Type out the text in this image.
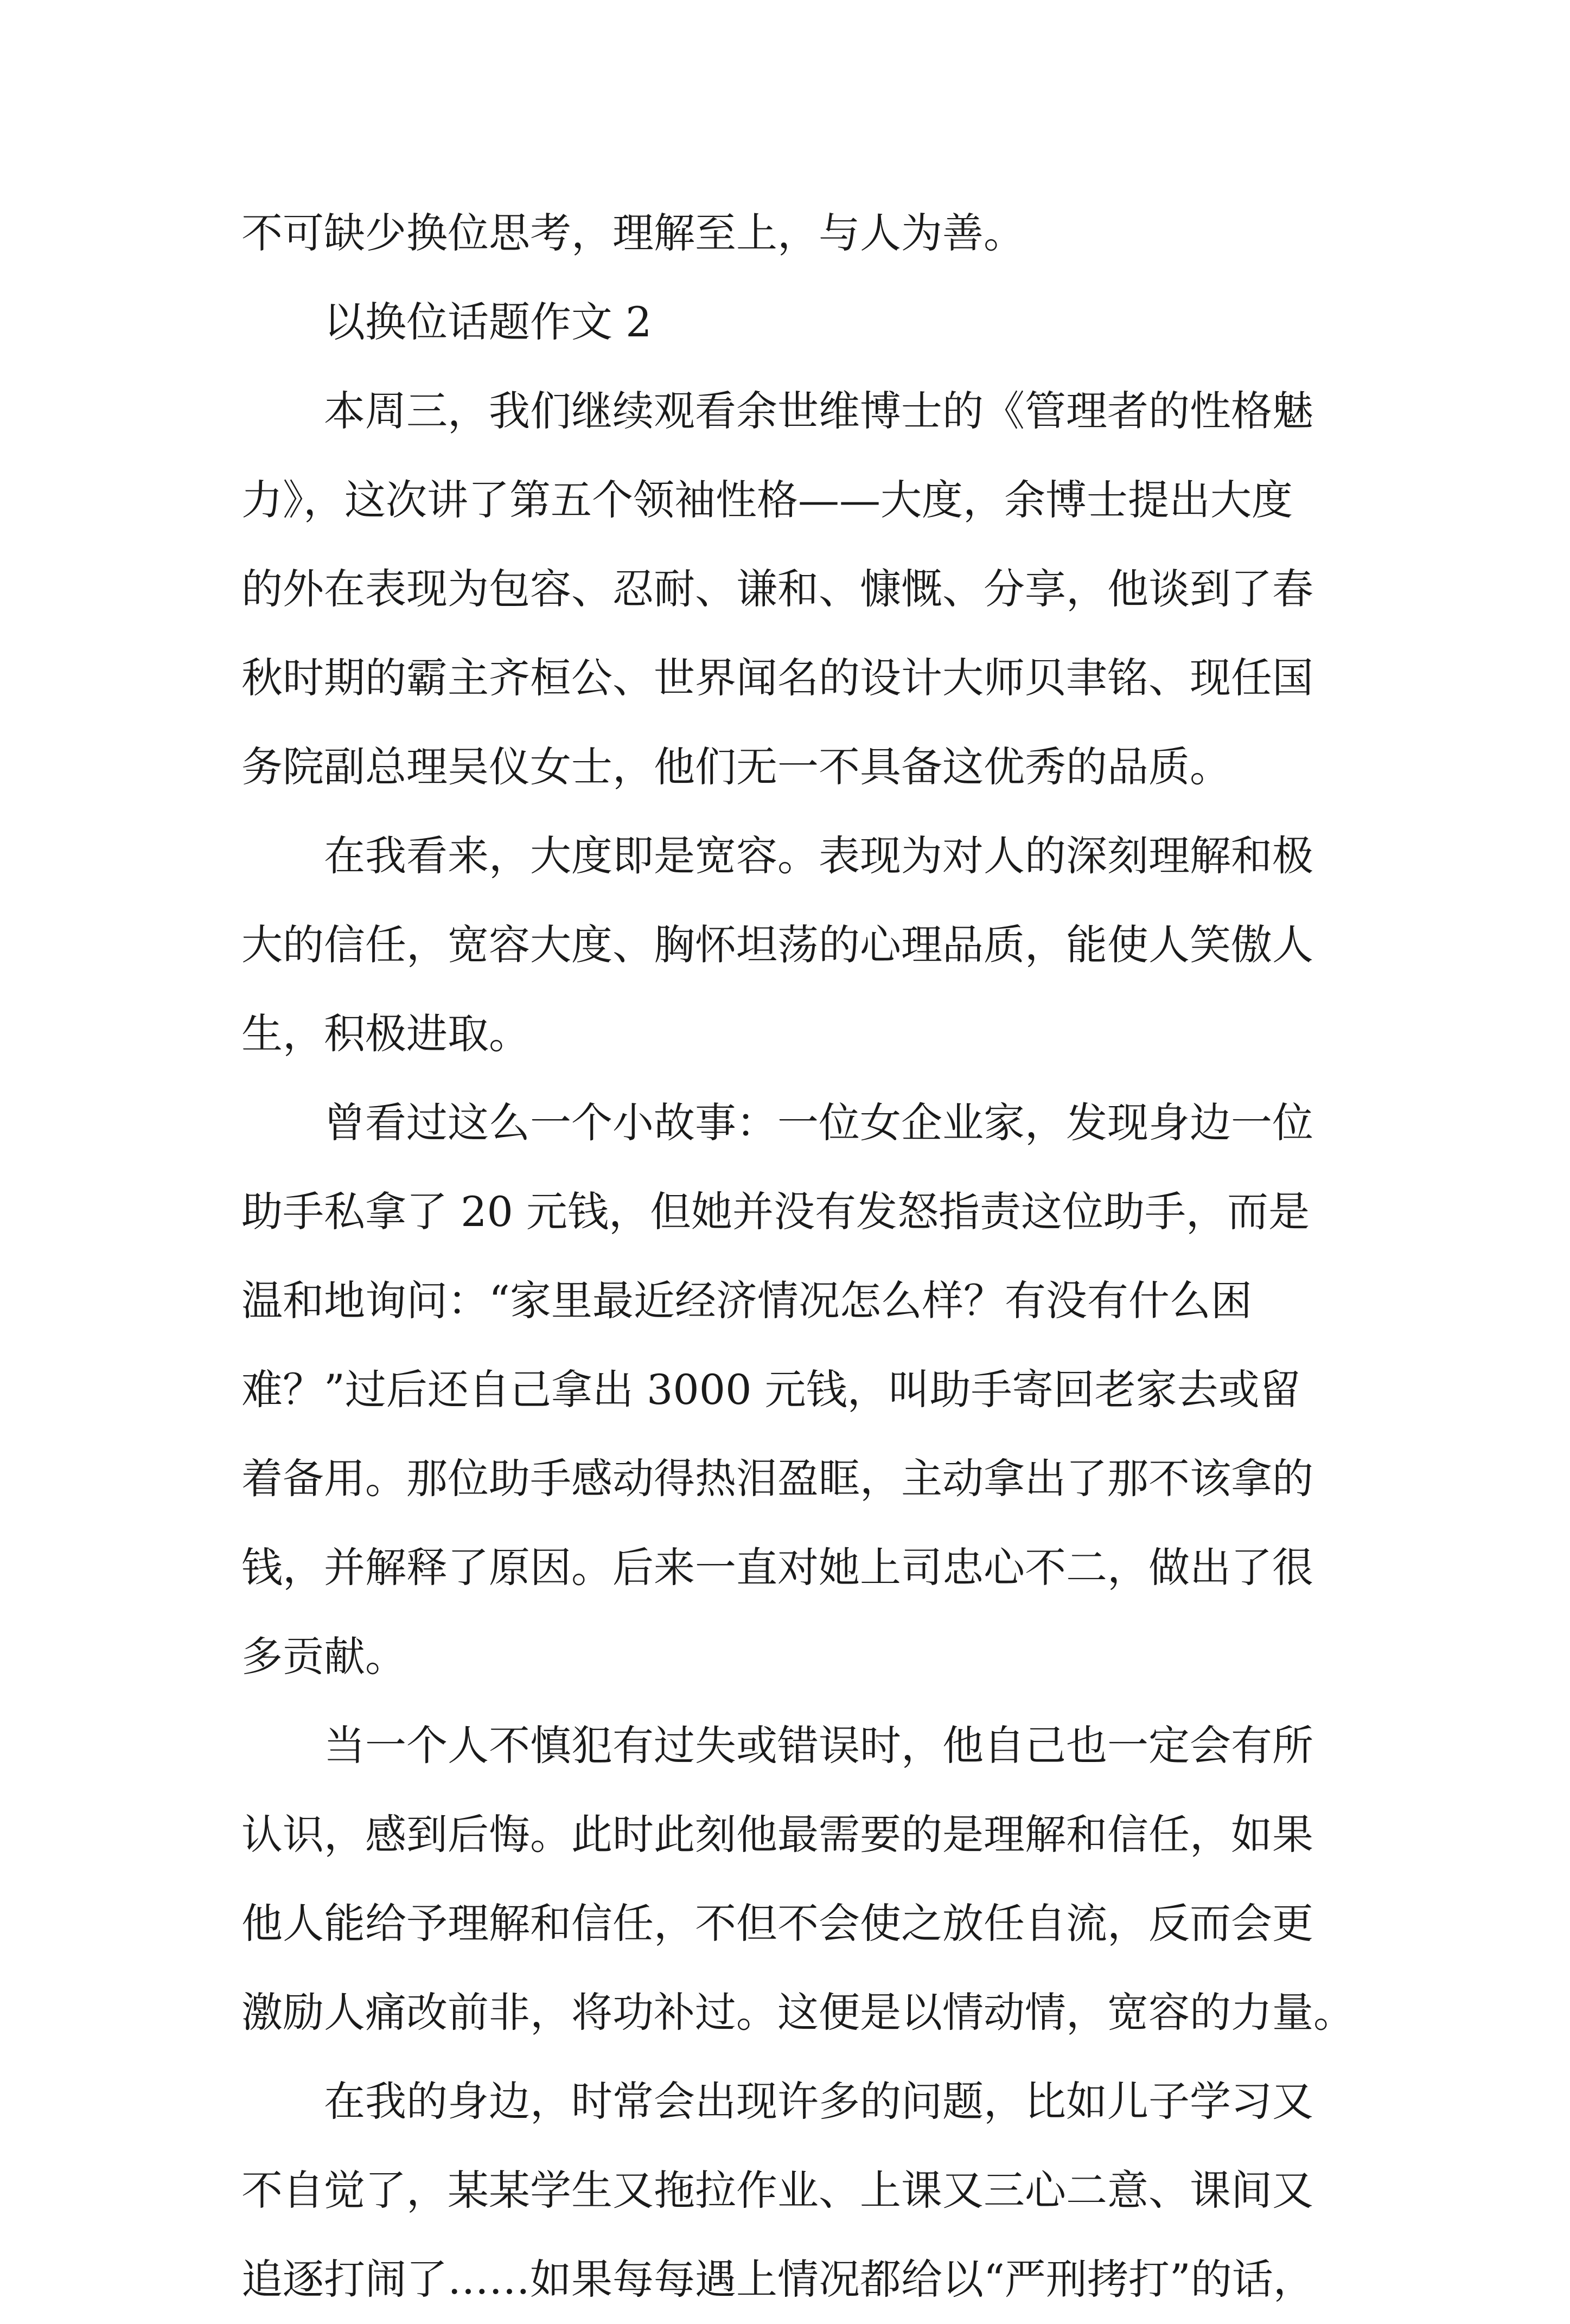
不可缺少换位思考，理解至上，与人为善。
以换位话题作文 2
本周三，我们继续观看余世维博士的《管理者的性格魅
力》，这次讲了第五个领袖性格——大度，余博士提出大度
的外在表现为包容、忍耐、谦和、慷慨、分享，他谈到了春
秋时期的霸主齐桓公、世界闻名的设计大师贝聿铭、现任国
务院副总理吴仪女士，他们无一不具备这优秀的品质。
在我看来，大度即是宽容。表现为对人的深刻理解和极
大的信任，宽容大度、胸怀坦荡的心理品质，能使人笑傲人
生，积极进取。
曾看过这么一个小故事：一位女企业家，发现身边一位
助手私拿了 20 元钱，但她并没有发怒指责这位助手，而是
温和地询问：“家里最近经济情况怎么样？有没有什么困
难？”过后还自己拿出 3000 元钱，叫助手寄回老家去或留
着备用。那位助手感动得热泪盈眶，主动拿出了那不该拿的
钱，并解释了原因。后来一直对她上司忠心不二，做出了很
多贡献。
当一个人不慎犯有过失或错误时，他自己也一定会有所
认识，感到后悔。此时此刻他最需要的是理解和信任，如果
他人能给予理解和信任，不但不会使之放任自流，反而会更
激励人痛改前非，将功补过。这便是以情动情，宽容的力量。
在我的身边，时常会出现许多的问题，比如儿子学习又
不自觉了，某某学生又拖拉作业、上课又三心二意、课间又
追逐打闹了……如果每每遇上情况都给以“严刑拷打”的话，
